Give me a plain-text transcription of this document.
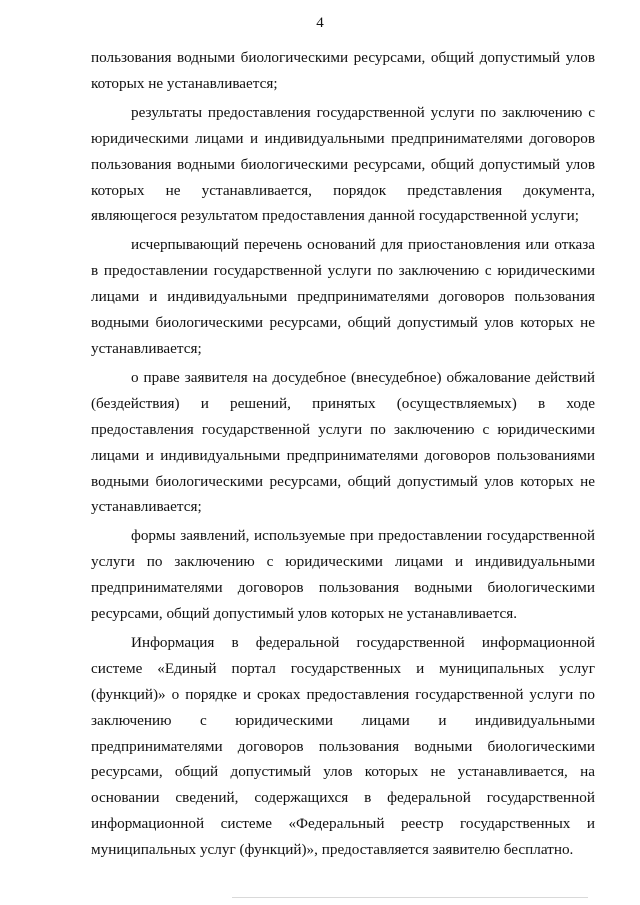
4

пользования водными биологическими ресурсами, общий допустимый улов которых не устанавливается;

результаты предоставления государственной услуги по заключению с юридическими лицами и индивидуальными предпринимателями договоров пользования водными биологическими ресурсами, общий допустимый улов которых не устанавливается, порядок представления документа, являющегося результатом предоставления данной государственной услуги;

исчерпывающий перечень оснований для приостановления или отказа в предоставлении государственной услуги по заключению с юридическими лицами и индивидуальными предпринимателями договоров пользования водными биологическими ресурсами, общий допустимый улов которых не устанавливается;

о праве заявителя на досудебное (внесудебное) обжалование действий (бездействия) и решений, принятых (осуществляемых) в ходе предоставления государственной услуги по заключению с юридическими лицами и индивидуальными предпринимателями договоров пользованиями водными биологическими ресурсами, общий допустимый улов которых не устанавливается;

формы заявлений, используемые при предоставлении государственной услуги по заключению с юридическими лицами и индивидуальными предпринимателями договоров пользования водными биологическими ресурсами, общий допустимый улов которых не устанавливается.

Информация в федеральной государственной информационной системе «Единый портал государственных и муниципальных услуг (функций)» о порядке и сроках предоставления государственной услуги по заключению с юридическими лицами и индивидуальными предпринимателями договоров пользования водными биологическими ресурсами, общий допустимый улов которых не устанавливается, на основании сведений, содержащихся в федеральной государственной информационной системе «Федеральный реестр государственных и муниципальных услуг (функций)», предоставляется заявителю бесплатно.
